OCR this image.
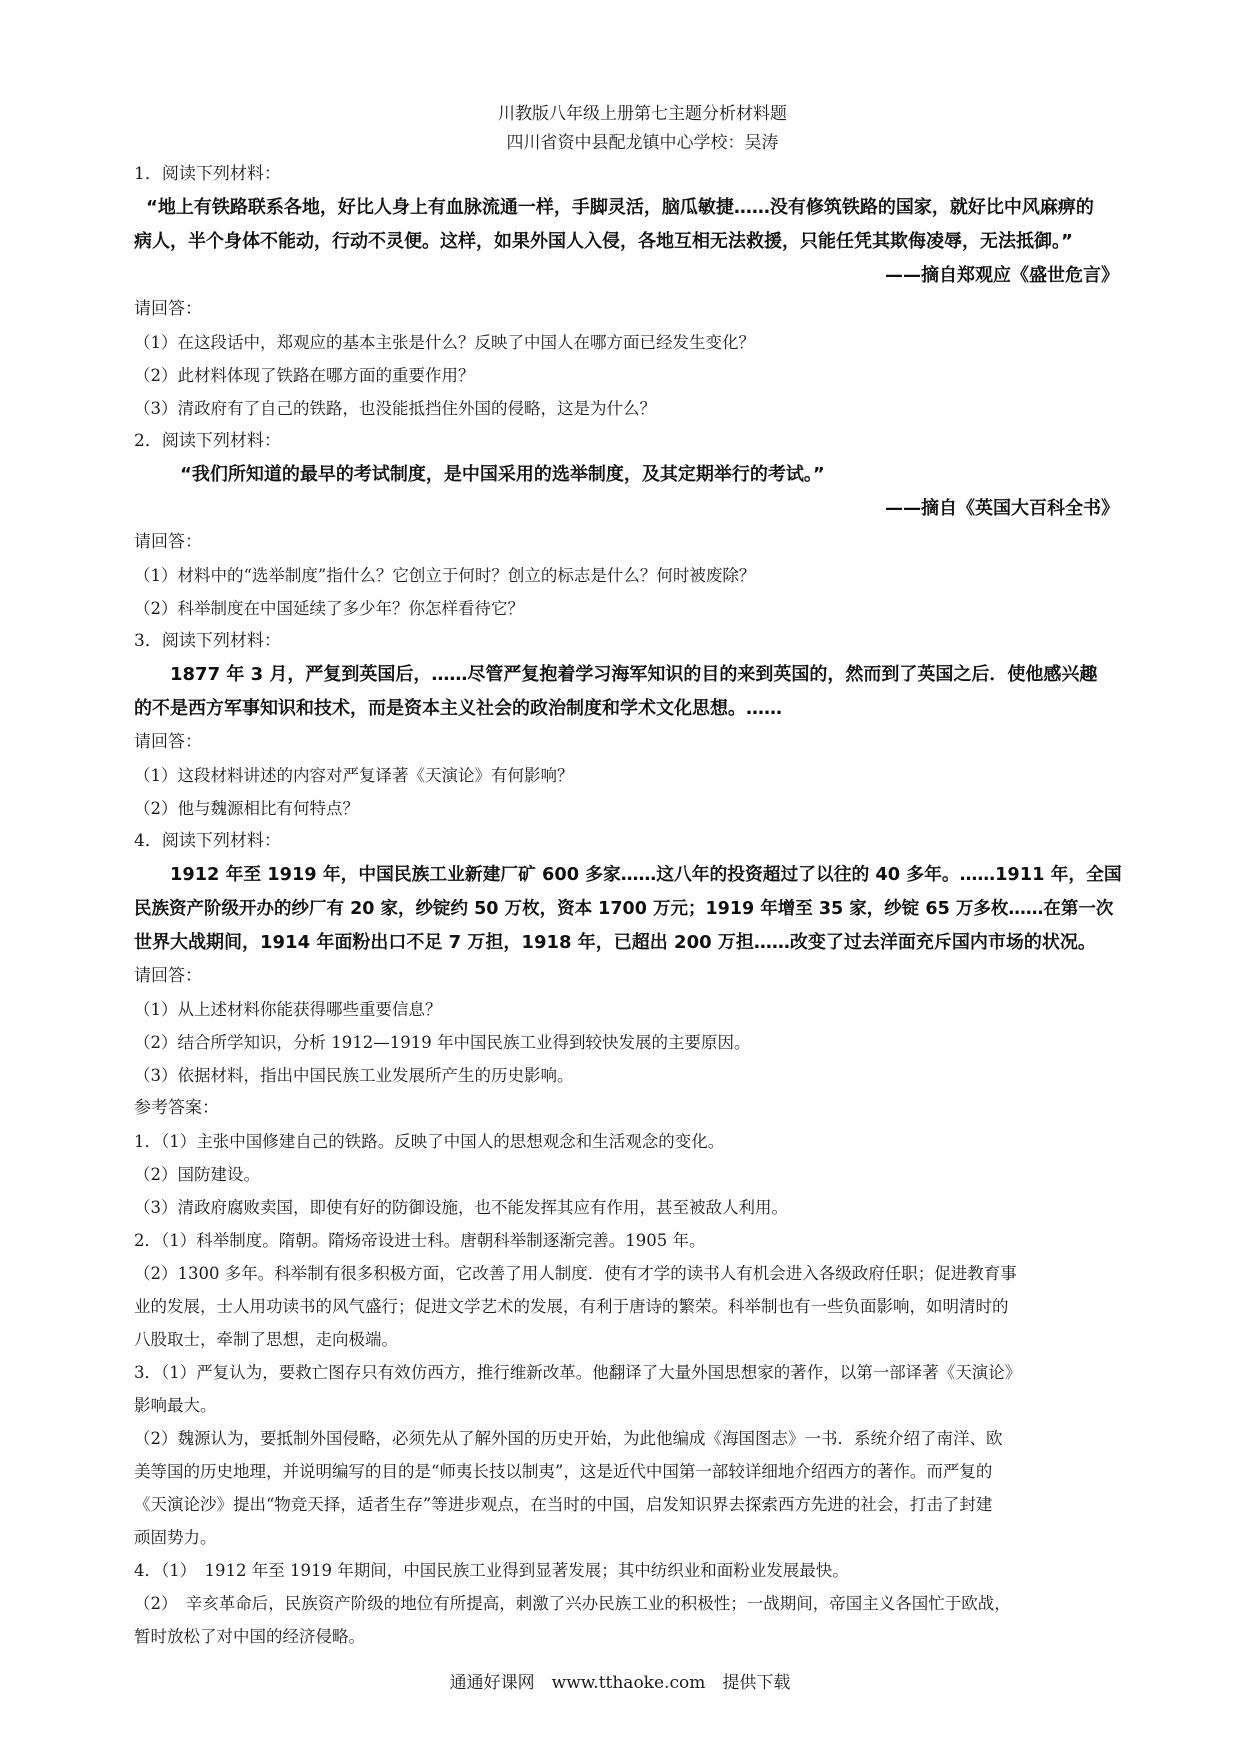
川教版八年级上册第七主题分析材料题
四川省资中县配龙镇中心学校：吴涛
1．阅读下列材料：
“地上有铁路联系各地，好比人身上有血脉流通一样，手脚灵活，脑瓜敏捷……没有修筑铁路的国家，就好比中风麻痹的
病人，半个身体不能动，行动不灵便。这样，如果外国人入侵，各地互相无法救援，只能任凭其欺侮凌辱，无法抵御。”
——摘自郑观应《盛世危言》
请回答：
（1）在这段话中，郑观应的基本主张是什么？反映了中国人在哪方面已经发生变化？
（2）此材料体现了铁路在哪方面的重要作用？
（3）清政府有了自己的铁路，也没能抵挡住外国的侵略，这是为什么？
2．阅读下列材料：
“我们所知道的最早的考试制度，是中国采用的选举制度，及其定期举行的考试。”
——摘自《英国大百科全书》
请回答：
（1）材料中的“选举制度”指什么？它创立于何时？创立的标志是什么？何时被废除？
（2）科举制度在中国延续了多少年？你怎样看待它？
3．阅读下列材料：
1877 年 3 月，严复到英国后，……尽管严复抱着学习海军知识的目的来到英国的，然而到了英国之后．使他感兴趣
的不是西方军事知识和技术，而是资本主义社会的政治制度和学术文化思想。……
请回答：
（1）这段材料讲述的内容对严复译著《天演论》有何影响？
（2）他与魏源相比有何特点？
4．阅读下列材料：
1912 年至 1919 年，中国民族工业新建厂矿 600 多家……这八年的投资超过了以往的 40 多年。……1911 年，全国
民族资产阶级开办的纱厂有 20 家，纱锭约 50 万枚，资本 1700 万元；1919 年增至 35 家，纱锭 65 万多枚……在第一次
世界大战期间，1914 年面粉出口不足 7 万担，1918 年，已超出 200 万担……改变了过去洋面充斥国内市场的状况。
请回答：
（1）从上述材料你能获得哪些重要信息？
（2）结合所学知识，分析 1912—1919 年中国民族工业得到较快发展的主要原因。
（3）依据材料，指出中国民族工业发展所产生的历史影响。
参考答案：
1．（1）主张中国修建自己的铁路。反映了中国人的思想观念和生活观念的变化。
（2）国防建设。
（3）清政府腐败卖国，即使有好的防御设施，也不能发挥其应有作用，甚至被敌人利用。
2．（1）科举制度。隋朝。隋炀帝设进士科。唐朝科举制逐渐完善。1905 年。
（2）1300 多年。科举制有很多积极方面，它改善了用人制度．使有才学的读书人有机会进入各级政府任职；促进教育事
业的发展，士人用功读书的风气盛行；促进文学艺术的发展，有利于唐诗的繁荣。科举制也有一些负面影响，如明清时的
八股取士，牵制了思想，走向极端。
3．（1）严复认为，要救亡图存只有效仿西方，推行维新改革。他翻译了大量外国思想家的著作，以第一部译著《天演论》
影响最大。
（2）魏源认为，要抵制外国侵略，必须先从了解外国的历史开始，为此他编成《海国图志》一书．系统介绍了南洋、欧
美等国的历史地理，并说明编写的目的是“师夷长技以制夷”，这是近代中国第一部较详细地介绍西方的著作。而严复的
《天演论沙》提出“物竞天择，适者生存”等进步观点，在当时的中国，启发知识界去探索西方先进的社会，打击了封建
顽固势力。
4．（1）　1912 年至 1919 年期间，中国民族工业得到显著发展；其中纺织业和面粉业发展最快。
（2）　辛亥革命后，民族资产阶级的地位有所提高，刺激了兴办民族工业的积极性；一战期间，帝国主义各国忙于欧战，
暂时放松了对中国的经济侵略。
通通好课网　www.tthaoke.com　提供下载
